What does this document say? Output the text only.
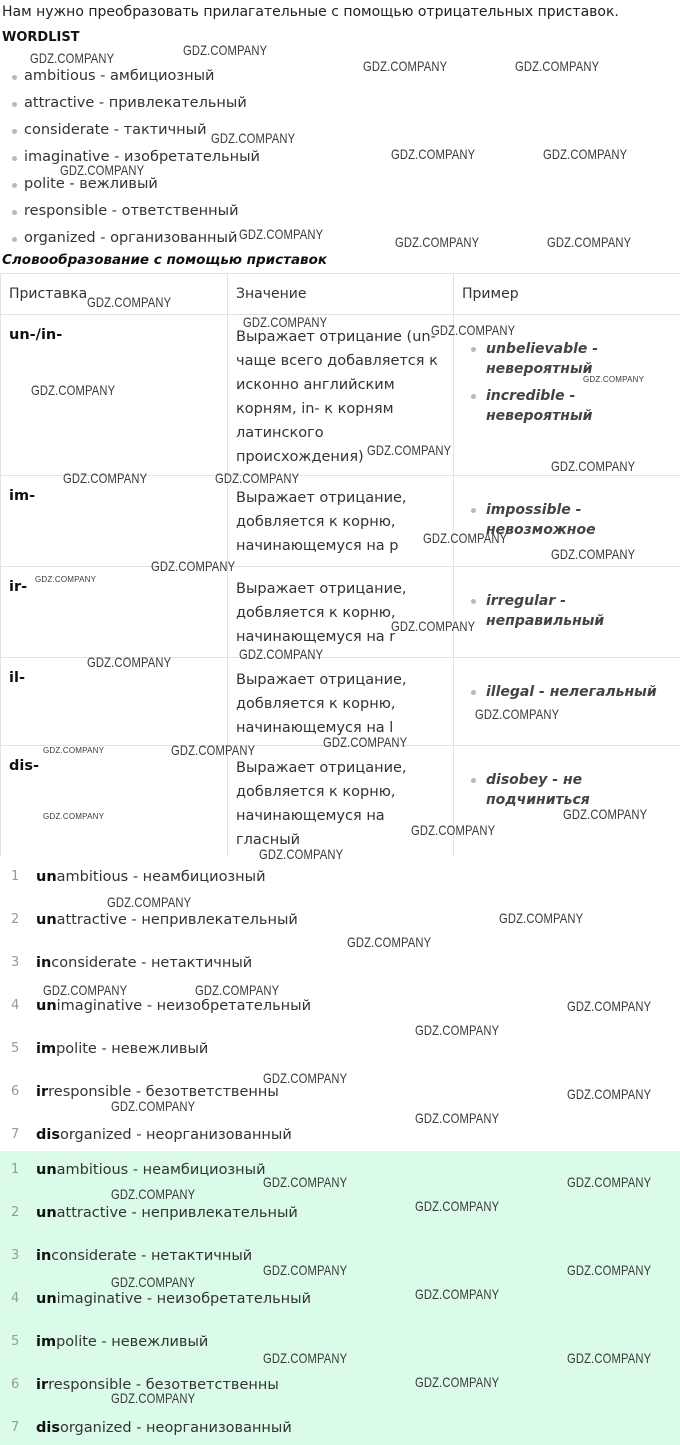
Нам нужно преобразовать прилагательные с помощью отрицательных приставок.
WORDLIST
ambitious - амбициозный
attractive - привлекательный
considerate - тактичный
imaginative - изобретательный
polite - вежливый
responsible - ответственный
organized - организованный
Словообразование с помощью приставок
Приставка	Значение	Пример
un-/in-	Выражает отрицание (un- чаще всего добавляется к исконно английским корням, in- к корням латинского происхождения)	unbelievable - невероятный
incredible - невероятный

im-	Выражает отрицание, добвляется к корню, начинающемуся на p	impossible - невозможное

ir-	Выражает отрицание, добвляется к корню, начинающемуся на r	irregular - неправильный

il-	Выражает отрицание, добвляется к корню, начинающемуся на l	illegal - нелегальный

dis-	Выражает отрицание, добвляется к корню, начинающемуся на гласный	disobey - не подчиниться
1 unambitious - неамбициозный
2 unattractive - непривлекательный
3 inconsiderate - нетактичный
4 unimaginative - неизобретательный
5 impolite - невежливый
6 irresponsible - безответственны
7 disorganized - неорганизованный
1 unambitious - неамбициозный
2 unattractive - непривлекательный
3 inconsiderate - нетактичный
4 unimaginative - неизобретательный
5 impolite - невежливый
6 irresponsible - безответственны
7 disorganized - неорганизованный
GDZ.COMPANY	GDZ.COMPANY
GDZ.COMPANY	GDZ.COMPANY
GDZ.COMPANY
GDZ.COMPANY
GDZ.COMPANY	GDZ.COMPANY
GDZ.COMPANY	GDZ.COMPANY	GDZ.COMPANY
GDZ.COMPANY
GDZ.COMPANY	GDZ.COMPANY
GDZ.COMPANY
GDZ.COMPANY
GDZ.COMPANY
GDZ.COMPANY	GDZ.COMPANY
GDZ.COMPANY
GDZ.COMPANY
GDZ.COMPANY
GDZ.COMPANY
GDZ.COMPANY
GDZ.COMPANY
GDZ.COMPANY
GDZ.COMPANY
GDZ.COMPANY
GDZ.COMPANY	GDZ.COMPANY	GDZ.COMPANY
GDZ.COMPANY
GDZ.COMPANY
GDZ.COMPANY
GDZ.COMPANY
GDZ.COMPANY
GDZ.COMPANY
GDZ.COMPANY
GDZ.COMPANY	GDZ.COMPANY
GDZ.COMPANY
GDZ.COMPANY
GDZ.COMPANY
GDZ.COMPANY
GDZ.COMPANY
GDZ.COMPANY
GDZ.COMPANY
GDZ.COMPANY
GDZ.COMPANY
GDZ.COMPANY
GDZ.COMPANY
GDZ.COMPANY
GDZ.COMPANY
GDZ.COMPANY
GDZ.COMPANY	GDZ.COMPANY
GDZ.COMPANY
GDZ.COMPANY
